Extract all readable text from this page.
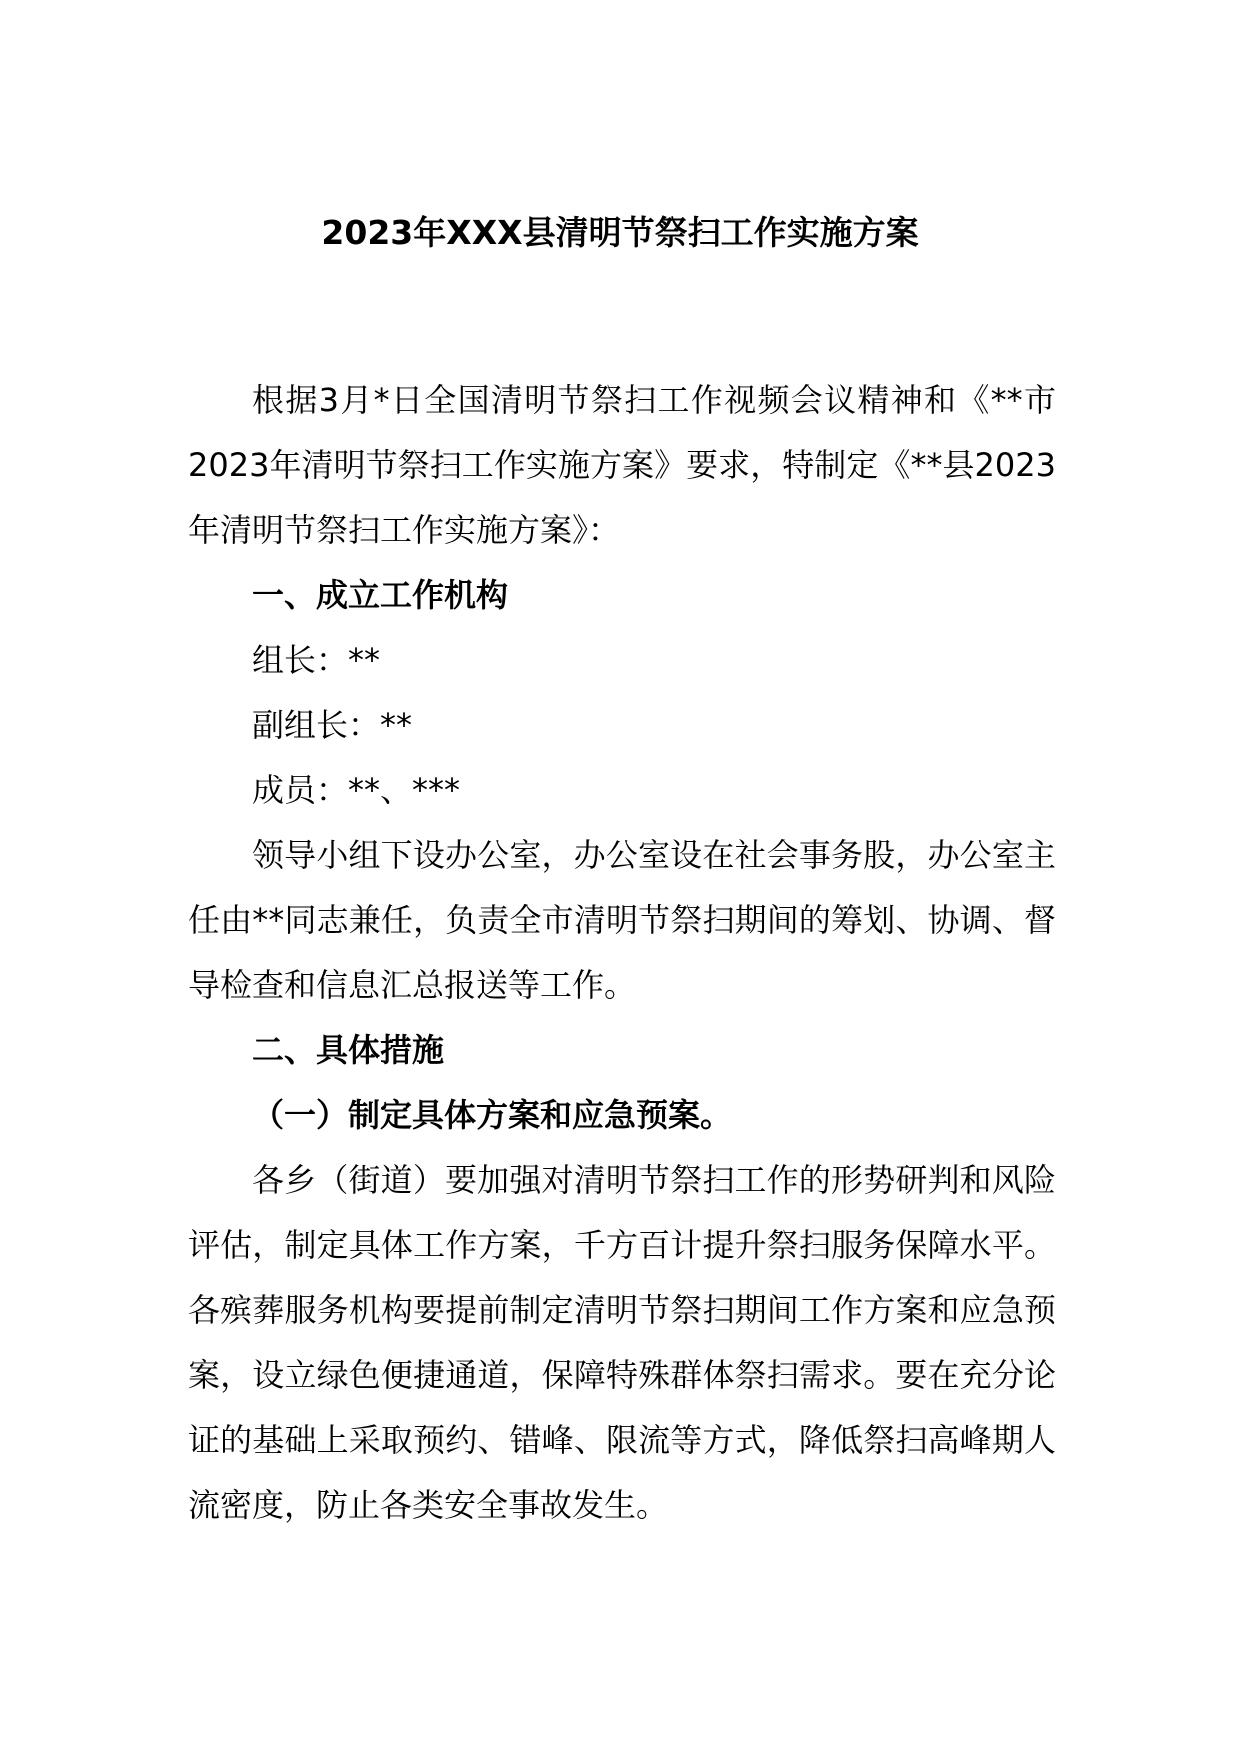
2023年XXX县清明节祭扫工作实施方案

根据3月*日全国清明节祭扫工作视频会议精神和《**市2023年清明节祭扫工作实施方案》要求，特制定《**县2023年清明节祭扫工作实施方案》：

一、成立工作机构

组长：**

副组长：**

成员：**、***

领导小组下设办公室，办公室设在社会事务股，办公室主任由**同志兼任，负责全市清明节祭扫期间的筹划、协调、督导检查和信息汇总报送等工作。

二、具体措施

（一）制定具体方案和应急预案。

各乡（街道）要加强对清明节祭扫工作的形势研判和风险评估，制定具体工作方案，千方百计提升祭扫服务保障水平。各殡葬服务机构要提前制定清明节祭扫期间工作方案和应急预案，设立绿色便捷通道，保障特殊群体祭扫需求。要在充分论证的基础上采取预约、错峰、限流等方式，降低祭扫高峰期人流密度，防止各类安全事故发生。
